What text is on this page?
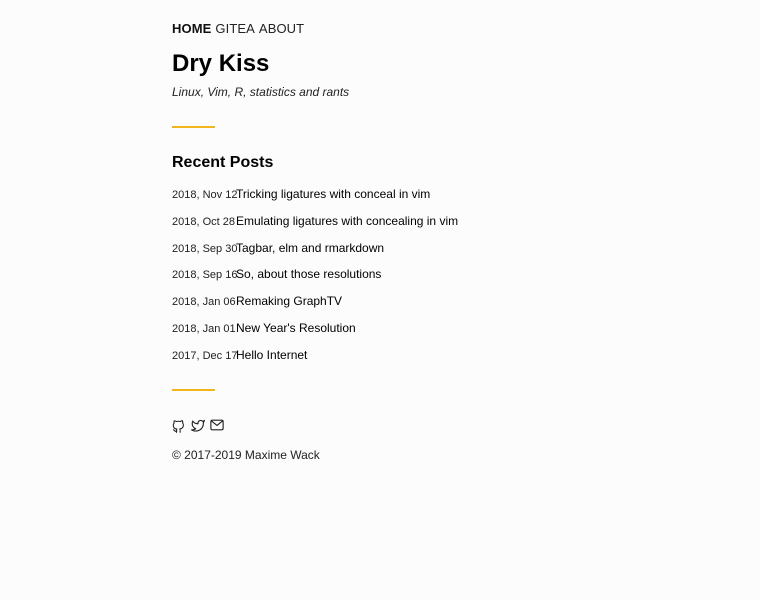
HOME GITEA ABOUT
Dry Kiss
Linux, Vim, R, statistics and rants
Recent Posts
2018, Nov 12
Tricking ligatures with conceal in vim
2018, Oct 28 Emulating ligatures with concealing in vim
2018, Sep 30
Tagbar, elm and rmarkdown
2018, Sep 16
So, about those resolutions
2018, Jan 06 Remaking GraphTV
2018, Jan 01 New Year's Resolution
2017, Dec 17
Hello Internet
© 2017-2019 Maxime Wack
